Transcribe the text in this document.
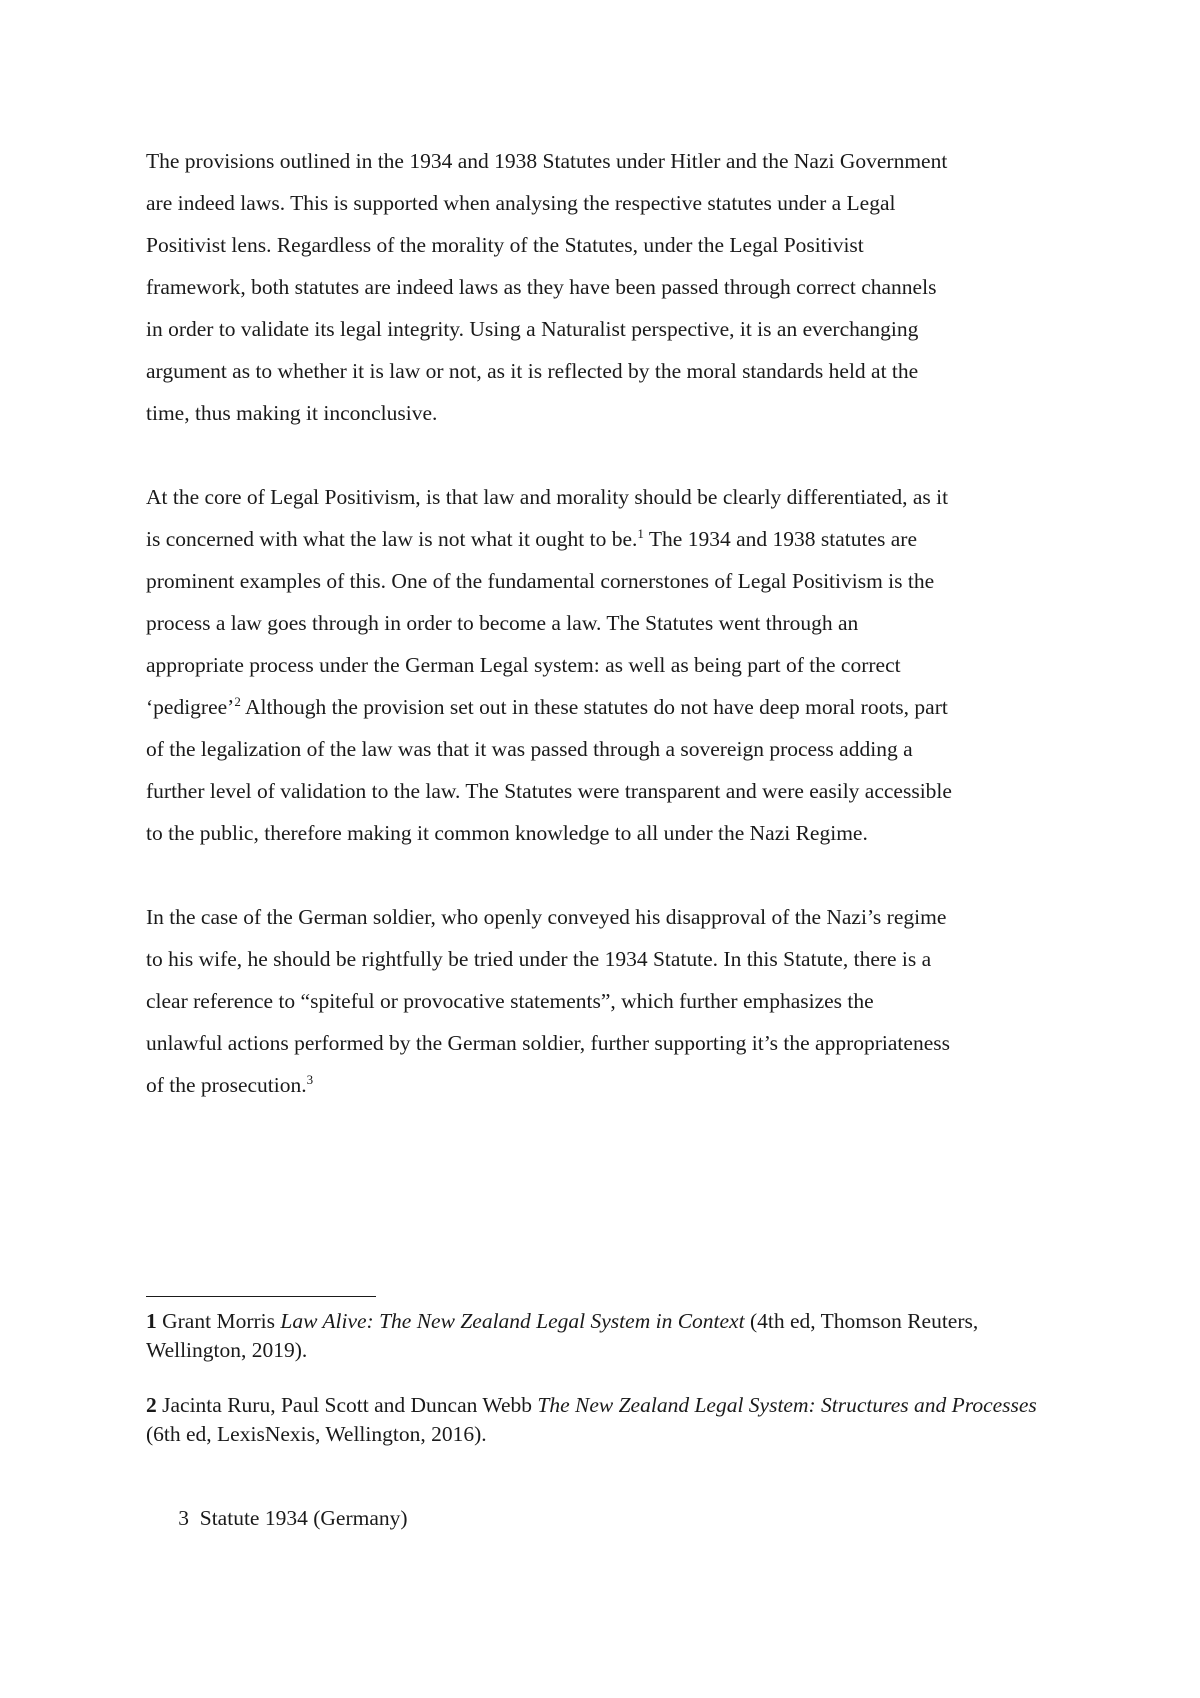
The provisions outlined in the 1934 and 1938 Statutes under Hitler and the Nazi Government
are indeed laws. This is supported when analysing the respective statutes under a Legal
Positivist lens. Regardless of the morality of the Statutes, under the Legal Positivist
framework, both statutes are indeed laws as they have been passed through correct channels
in order to validate its legal integrity. Using a Naturalist perspective, it is an everchanging
argument as to whether it is law or not, as it is reflected by the moral standards held at the
time, thus making it inconclusive.

At the core of Legal Positivism, is that law and morality should be clearly differentiated, as it
is concerned with what the law is not what it ought to be.$^1$ The 1934 and 1938 statutes are
prominent examples of this. One of the fundamental cornerstones of Legal Positivism is the
process a law goes through in order to become a law. The Statutes went through an
appropriate process under the German Legal system: as well as being part of the correct
‘pedigree’$^2$ Although the provision set out in these statutes do not have deep moral roots, part
of the legalization of the law was that it was passed through a sovereign process adding a
further level of validation to the law. The Statutes were transparent and were easily accessible
to the public, therefore making it common knowledge to all under the Nazi Regime.

In the case of the German soldier, who openly conveyed his disapproval of the Nazi’s regime
to his wife, he should be rightfully be tried under the 1934 Statute. In this Statute, there is a
clear reference to “spiteful or provocative statements”, which further emphasizes the
unlawful actions performed by the German soldier, further supporting it’s the appropriateness
of the prosecution.$^3$

1 Grant Morris Law Alive: The New Zealand Legal System in Context (4th ed, Thomson Reuters, Wellington, 2019).

2 Jacinta Ruru, Paul Scott and Duncan Webb The New Zealand Legal System: Structures and Processes (6th ed, LexisNexis, Wellington, 2016).

3  Statute 1934 (Germany)
